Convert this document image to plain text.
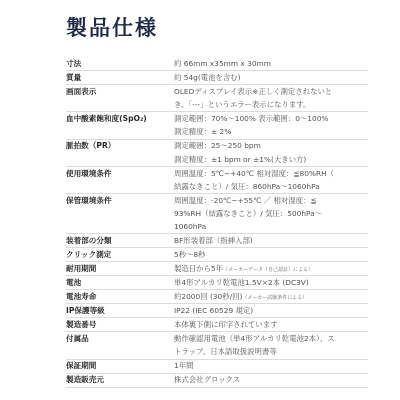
製品仕様
寸法	約 66mm x35mm x 30mm
質量	約 54g(電池を含む)
画面表示	OLEDディスプレイ表示※正しく測定されないと
き、「---」というエラー表示になります。
血中酸素飽和度(SpO₂)	測定範囲：70%～100% 表示範囲：0～100%
測定精度：± 2%
脈拍数（PR）	測定範囲：25～250 bpm
測定精度：±1 bpm or ±1%(大きい方)
使用環境条件	周囲温度：5℃~+40℃ 相対湿度：≦80%RH（
結露なきこと）/ 気圧：860hPa～1060hPa
保管環境条件	周囲温度：-20℃~+55℃ ／ 相対湿度：≦
93%RH（結露なきこと）/ 気圧：500hPa～
1060hPa
装着部の分類	BF形装着部（指挿入部)
クリック測定	5秒～8秒
耐用期間	製造日から5年（メーカーデータ（自己認証）による）
電池	単4形アルカリ乾電池1.5V×2本 (DC3V)
電池寿命	約2000回 (30秒/回)（メーカー試験条件による）
IP保護等級	IP22 (IEC 60529 規定)
製造番号	本体裏下側に印字されています
付属品	動作確認用電池（単4形アルカリ乾電池2本）、ス
トラップ、日本語取扱説明書等
保証期間	1年間
製造販売元	株式会社グロックス
